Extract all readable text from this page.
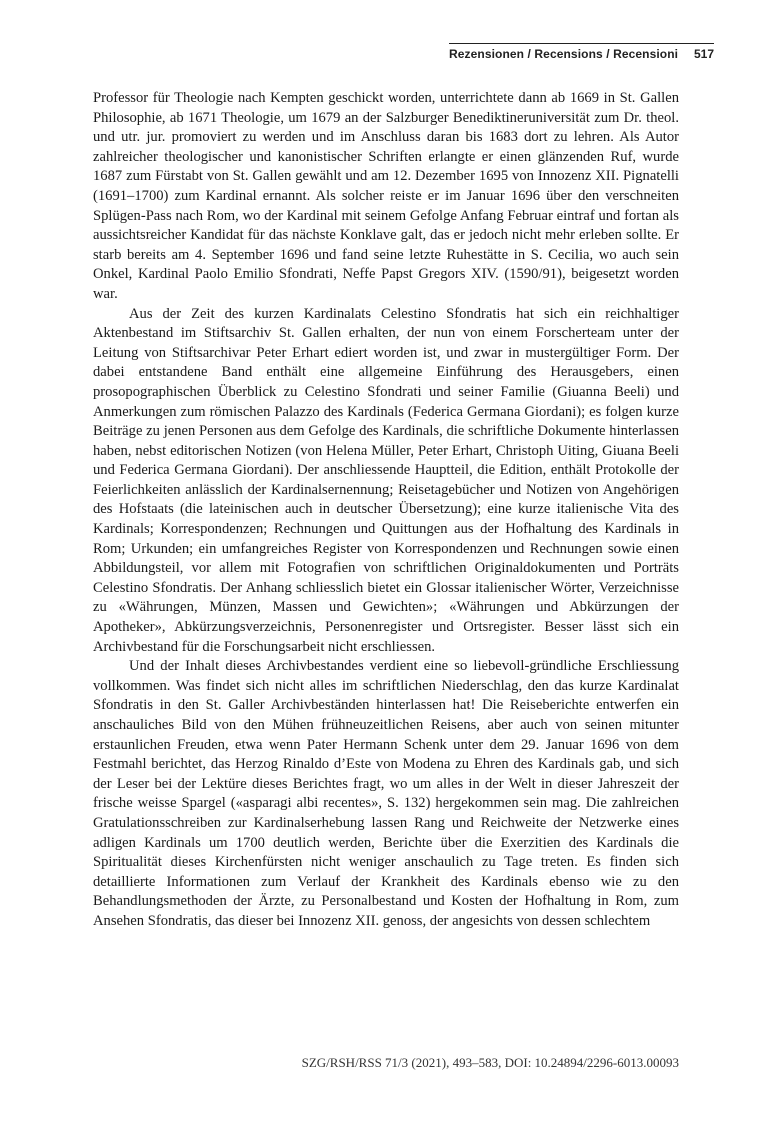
Rezensionen / Recensions / Recensioni 517

Professor für Theologie nach Kempten geschickt worden, unterrichtete dann ab 1669 in St. Gallen Philosophie, ab 1671 Theologie, um 1679 an der Salzburger Benediktineruniversität zum Dr. theol. und utr. jur. promoviert zu werden und im Anschluss daran bis 1683 dort zu lehren. Als Autor zahlreicher theologischer und kanonistischer Schriften erlangte er einen glänzenden Ruf, wurde 1687 zum Fürstabt von St. Gallen gewählt und am 12. Dezember 1695 von Innozenz XII. Pignatelli (1691–1700) zum Kardinal ernannt. Als solcher reiste er im Januar 1696 über den verschneiten Splügen-Pass nach Rom, wo der Kardinal mit seinem Gefolge Anfang Februar eintraf und fortan als aussichtsreicher Kandidat für das nächste Konklave galt, das er jedoch nicht mehr erleben sollte. Er starb bereits am 4. September 1696 und fand seine letzte Ruhestätte in S. Cecilia, wo auch sein Onkel, Kardinal Paolo Emilio Sfondrati, Neffe Papst Gregors XIV. (1590/91), beigesetzt worden war.

Aus der Zeit des kurzen Kardinalats Celestino Sfondratis hat sich ein reichhaltiger Aktenbestand im Stiftsarchiv St. Gallen erhalten, der nun von einem Forscherteam unter der Leitung von Stiftsarchivar Peter Erhart ediert worden ist, und zwar in mustergültiger Form. Der dabei entstandene Band enthält eine allgemeine Einführung des Herausgebers, einen prosopographischen Überblick zu Celestino Sfondrati und seiner Familie (Giuanna Beeli) und Anmerkungen zum römischen Palazzo des Kardinals (Federica Germana Giordani); es folgen kurze Beiträge zu jenen Personen aus dem Gefolge des Kardinals, die schriftliche Dokumente hinterlassen haben, nebst editorischen Notizen (von Helena Müller, Peter Erhart, Christoph Uiting, Giuana Beeli und Federica Germana Giordani). Der anschliessende Hauptteil, die Edition, enthält Protokolle der Feierlichkeiten anlässlich der Kardinalsernennung; Reisetagebücher und Notizen von Angehörigen des Hofstaats (die lateinischen auch in deutscher Übersetzung); eine kurze italienische Vita des Kardinals; Korrespondenzen; Rechnungen und Quittungen aus der Hofhaltung des Kardinals in Rom; Urkunden; ein umfangreiches Register von Korrespondenzen und Rechnungen sowie einen Abbildungsteil, vor allem mit Fotografien von schriftlichen Originaldokumenten und Porträts Celestino Sfondratis. Der Anhang schliesslich bietet ein Glossar italienischer Wörter, Verzeichnisse zu «Währungen, Münzen, Massen und Gewichten»; «Währungen und Abkürzungen der Apotheker», Abkürzungsverzeichnis, Personenregister und Ortsregister. Besser lässt sich ein Archivbestand für die Forschungsarbeit nicht erschliessen.

Und der Inhalt dieses Archivbestandes verdient eine so liebevoll-gründliche Erschliessung vollkommen. Was findet sich nicht alles im schriftlichen Niederschlag, den das kurze Kardinalat Sfondratis in den St. Galler Archivbeständen hinterlassen hat! Die Reiseberichte entwerfen ein anschauliches Bild von den Mühen frühneuzeitlichen Reisens, aber auch von seinen mitunter erstaunlichen Freuden, etwa wenn Pater Hermann Schenk unter dem 29. Januar 1696 von dem Festmahl berichtet, das Herzog Rinaldo d’Este von Modena zu Ehren des Kardinals gab, und sich der Leser bei der Lektüre dieses Berichtes fragt, wo um alles in der Welt in dieser Jahreszeit der frische weisse Spargel («asparagi albi recentes», S. 132) hergekommen sein mag. Die zahlreichen Gratulationsschreiben zur Kardinalserhebung lassen Rang und Reichweite der Netzwerke eines adligen Kardinals um 1700 deutlich werden, Berichte über die Exerzitien des Kardinals die Spiritualität dieses Kirchenfürsten nicht weniger anschaulich zu Tage treten. Es finden sich detaillierte Informationen zum Verlauf der Krankheit des Kardinals ebenso wie zu den Behandlungsmethoden der Ärzte, zu Personalbestand und Kosten der Hofhaltung in Rom, zum Ansehen Sfondratis, das dieser bei Innozenz XII. genoss, der angesichts von dessen schlechtem

SZG/RSH/RSS 71/3 (2021), 493–583, DOI: 10.24894/2296-6013.00093
